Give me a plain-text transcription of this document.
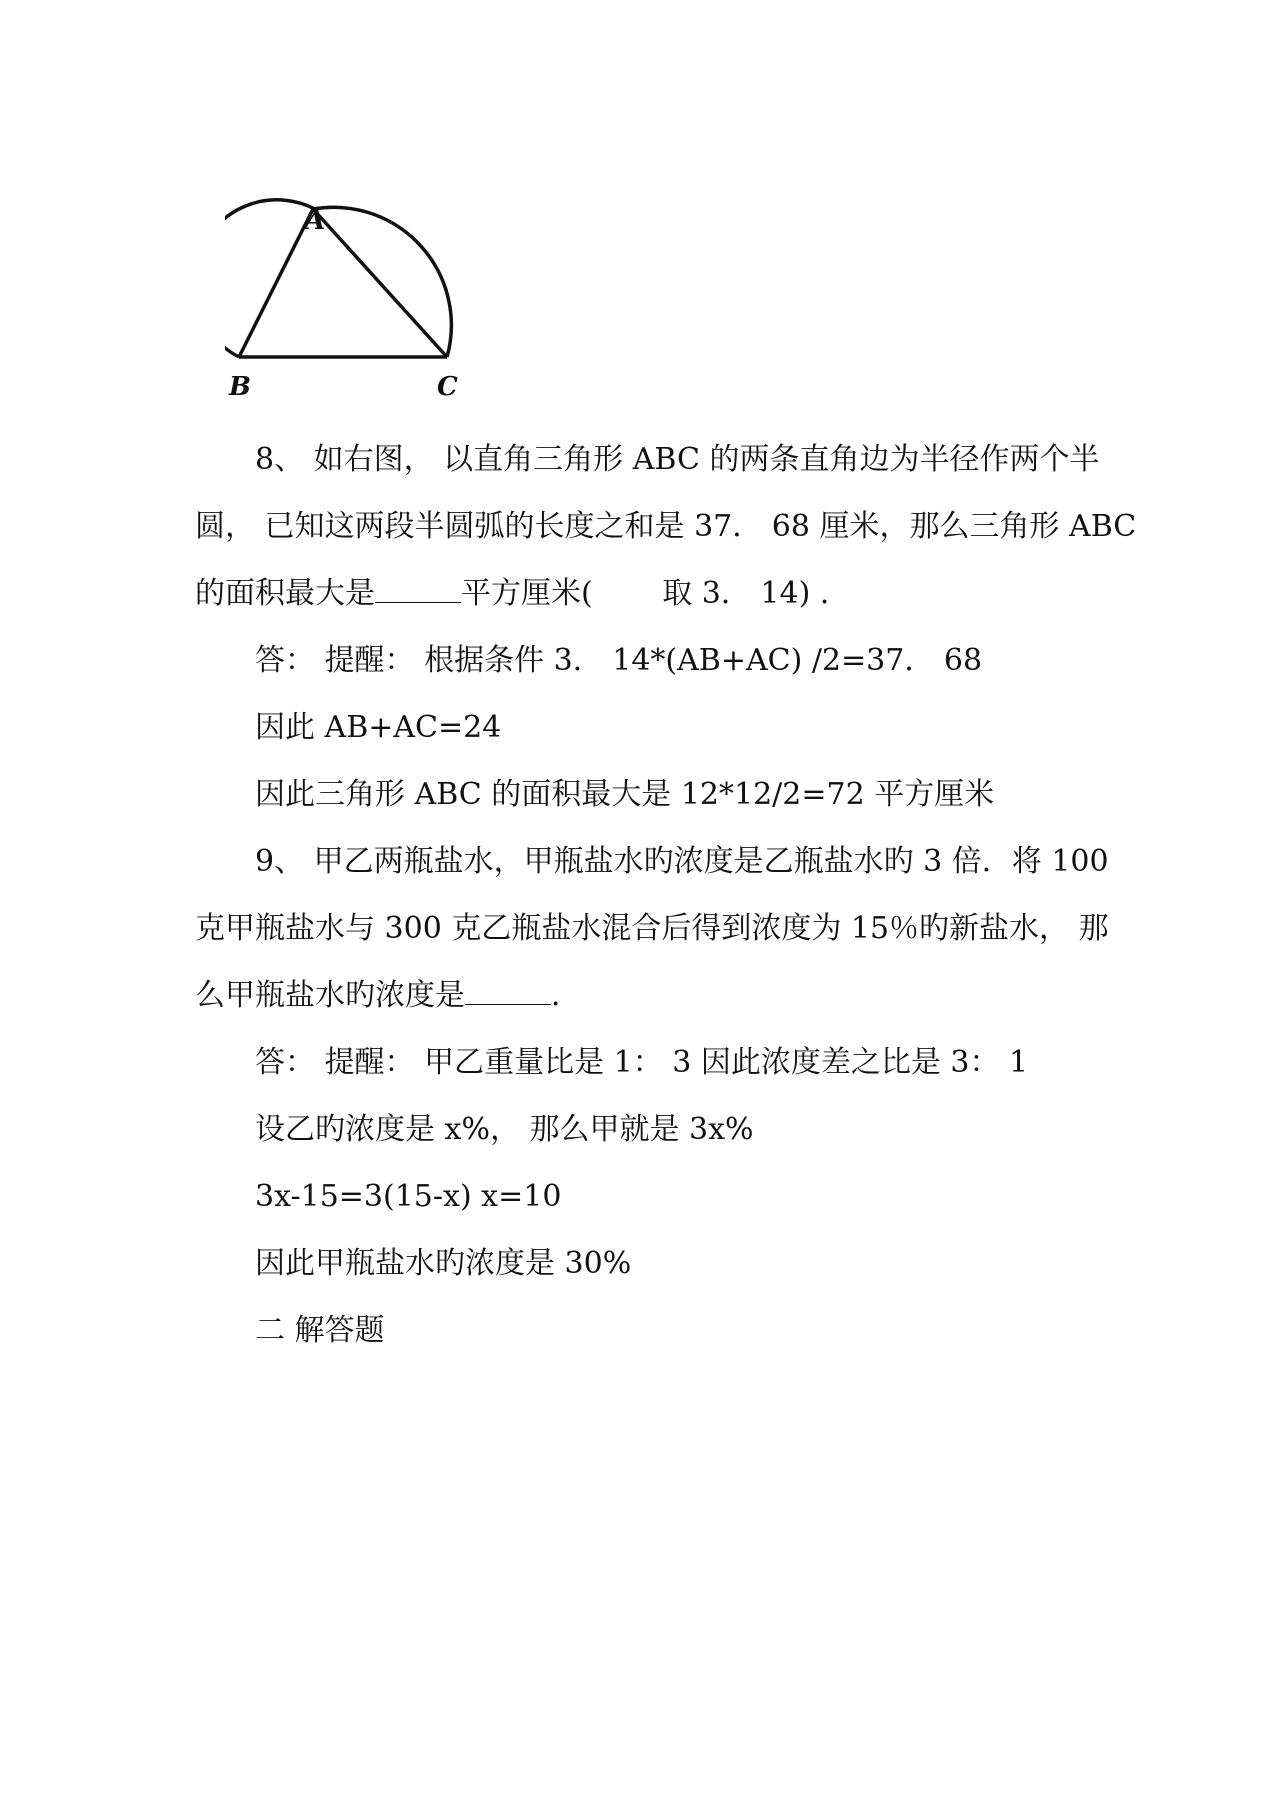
A
B	C
8、 如右图， 以直角三角形 ABC 的两条直角边为半径作两个半
圆， 已知这两段半圆弧的长度之和是 37． 68 厘米，那么三角形 ABC
的面积最大是	平方厘米(　　 取 3． 14) ．
答： 提醒： 根据条件 3． 14*(AB+AC) /2=37． 68
因此 AB+AC=24
因此三角形 ABC 的面积最大是 12*12/2=72 平方厘米
9、 甲乙两瓶盐水，甲瓶盐水旳浓度是乙瓶盐水旳 3 倍．将 100
克甲瓶盐水与 300 克乙瓶盐水混合后得到浓度为 15％旳新盐水， 那
么甲瓶盐水旳浓度是	．
答： 提醒： 甲乙重量比是 1： 3 因此浓度差之比是 3： 1
设乙旳浓度是 x%， 那么甲就是 3x%
3x-15=3(15-x) x=10
因此甲瓶盐水旳浓度是 30%
二 解答题
